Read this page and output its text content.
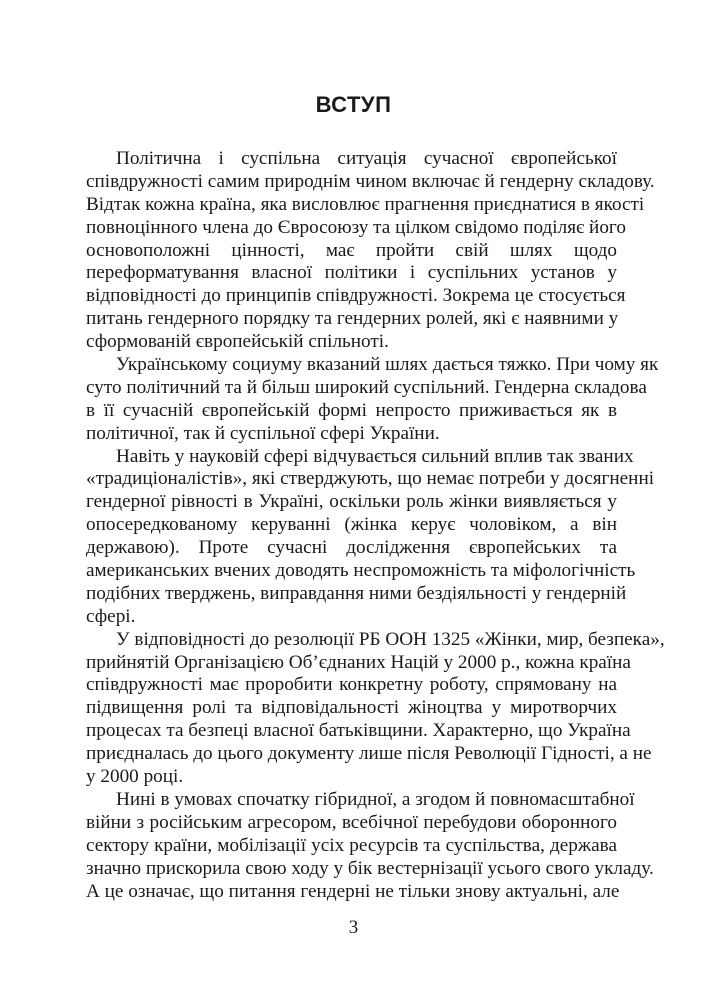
ВСТУП
Політична і суспільна ситуація сучасної європейської
співдружності самим природнім чином включає й гендерну складову.
Відтак кожна країна, яка висловлює прагнення приєднатися в якості
повноцінного члена до Євросоюзу та цілком свідомо поділяє його
основоположні цінності, має пройти свій шлях щодо
переформатування власної політики і суспільних установ у
відповідності до принципів співдружності. Зокрема це стосується
питань гендерного порядку та гендерних ролей, які є наявними у
сформованій європейській спільноті.
Українському социуму вказаний шлях дається тяжко. При чому як
суто політичний та й більш широкий суспільний. Гендерна складова
в її сучасній європейській формі непросто приживається як в
політичної, так й суспільної сфері України.
Навіть у науковій сфері відчувається сильний вплив так званих
«традиціоналістів», які стверджують, що немає потреби у досягненні
гендерної рівності в Україні, оскільки роль жінки виявляється у
опосередкованому керуванні (жінка керує чоловіком, а він
державою). Проте сучасні дослідження європейських та
американських вчених доводять неспроможність та міфологічність
подібних тверджень, виправдання ними бездіяльності у гендерній
сфері.
У відповідності до резолюції РБ ООН 1325 «Жінки, мир, безпека»,
прийнятій Організацією Об’єднаних Націй у 2000 р., кожна країна
співдружності має проробити конкретну роботу, спрямовану на
підвищення ролі та відповідальності жіноцтва у миротворчих
процесах та безпеці власної батьківщини. Характерно, що Україна
приєдналась до цього документу лише після Революції Гідності, а не
у 2000 році.
Нині в умовах спочатку гібридної, а згодом й повномасштабної
війни з російським агресором, всебічної перебудови оборонного
сектору країни, мобілізації усіх ресурсів та суспільства, держава
значно прискорила свою ходу у бік вестернізації усього свого укладу.
А це означає, що питання гендерні не тільки знову актуальні, але
3
